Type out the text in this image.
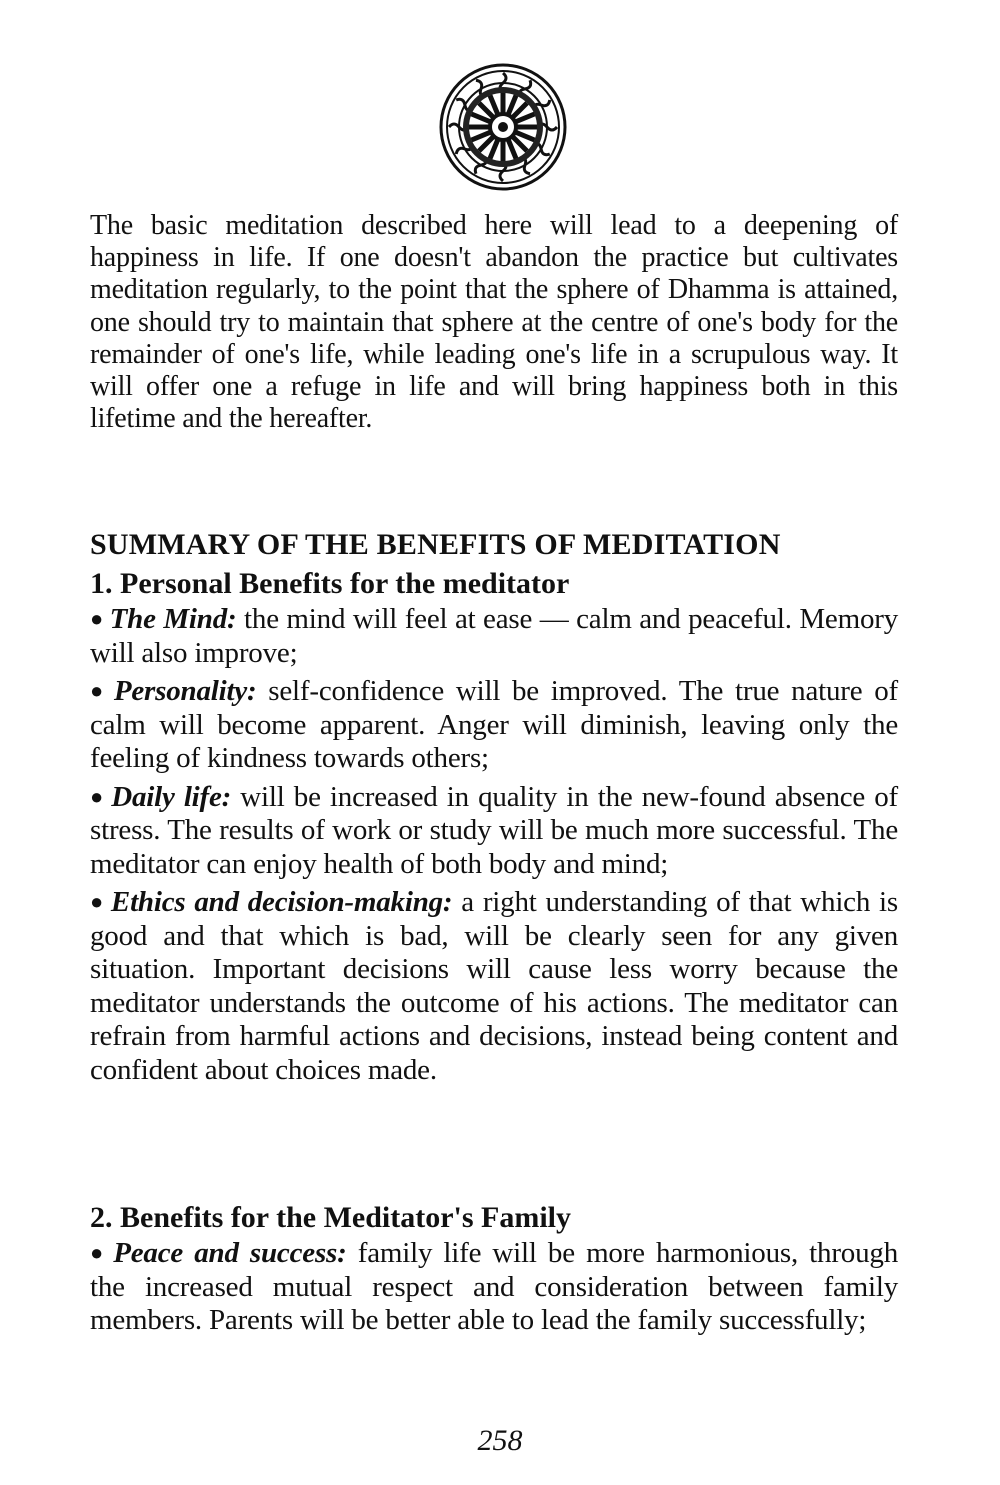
The basic meditation described here will lead to a deepening of happiness in life. If one doesn't abandon the practice but cultivates meditation regularly, to the point that the sphere of Dhamma is attained, one should try to maintain that sphere at the centre of one's body for the remainder of one's life, while leading one's life in a scrupulous way. It will offer one a refuge in life and will bring happiness both in this lifetime and the hereafter.

SUMMARY OF THE BENEFITS OF MEDITATION
1. Personal Benefits for the meditator

● The Mind: the mind will feel at ease — calm and peaceful. Memory will also improve;

● Personality: self-confidence will be improved. The true nature of calm will become apparent. Anger will diminish, leaving only the feeling of kindness towards others;

● Daily life: will be increased in quality in the new-found absence of stress. The results of work or study will be much more successful. The meditator can enjoy health of both body and mind;

● Ethics and decision-making: a right understanding of that which is good and that which is bad, will be clearly seen for any given situation. Important decisions will cause less worry because the meditator understands the outcome of his actions. The meditator can refrain from harmful actions and decisions, instead being content and confident about choices made.

2. Benefits for the Meditator's Family

● Peace and success: family life will be more harmonious, through the increased mutual respect and consideration between family members. Parents will be better able to lead the family successfully;

258
